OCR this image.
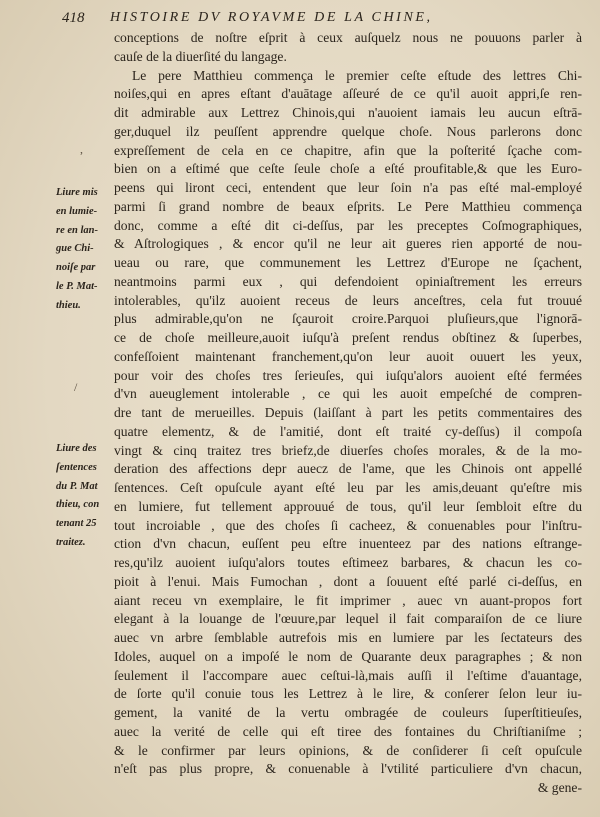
418 HISTOIRE DV ROYAVME DE LA CHINE,
,
/
Liure mis
en lumie-
re en lan-
gue Chi-
noiſe par
le P. Mat-
thieu.
Liure des
ſentences
du P. Mat
thieu, con
tenant 25
traitez.
conceptions de noſtre eſprit à ceux auſquelz nous ne pouuons parler à
cauſe de la diuerſité du langage.
Le pere Matthieu commença le premier ceſte eſtude des lettres Chi-
noiſes,qui en apres eſtant d'auātage aſſeuré de ce qu'il auoit appri,ſe ren-
dit admirable aux Lettrez Chinois,qui n'auoient iamais leu aucun eſtrā-
ger,duquel ilz peuſſent apprendre quelque choſe. Nous parlerons donc
expreſſement de cela en ce chapitre, afin que la poſterité ſçache com-
bien on a eſtimé que ceſte ſeule choſe a eſté proufitable,& que les Euro-
peens qui liront ceci, entendent que leur ſoin n'a pas eſté mal-employé
parmi ſi grand nombre de beaux eſprits. Le Pere Matthieu commença
donc, comme a eſté dit ci-deſſus, par les preceptes Coſmographiques,
& Aſtrologiques , & encor qu'il ne leur ait gueres rien apporté de nou-
ueau ou rare, que communement les Lettrez d'Europe ne ſçachent,
neantmoins parmi eux , qui defendoient opiniaſtrement les erreurs
intolerables, qu'ilz auoient receus de leurs anceſtres, cela fut trouué
plus admirable,qu'on ne ſçauroit croire.Parquoi pluſieurs,que l'ignorā-
ce de choſe meilleure,auoit iuſqu'à preſent rendus obſtinez & ſuperbes,
confeſſoient maintenant franchement,qu'on leur auoit ouuert les yeux,
pour voir des choſes tres ſerieuſes, qui iuſqu'alors auoient eſté fermées
d'vn aueuglement intolerable , ce qui les auoit empeſché de compren-
dre tant de merueilles. Depuis (laiſſant à part les petits commentaires des
quatre elementz, & de l'amitié, dont eſt traité cy-deſſus) il compoſa
vingt & cinq traitez tres briefz,de diuerſes choſes morales, & de la mo-
deration des affections depr auecz de l'ame, que les Chinois ont appellé
ſentences. Ceſt opuſcule ayant eſté leu par les amis,deuant qu'eſtre mis
en lumiere, fut tellement approuué de tous, qu'il leur ſembloit eſtre du
tout incroiable , que des choſes ſi cacheez, & conuenables pour l'inſtru-
ction d'vn chacun, euſſent peu eſtre inuenteez par des nations eſtrange-
res,qu'ilz auoient iuſqu'alors toutes eſtimeez barbares, & chacun les co-
pioit à l'enui. Mais Fumochan , dont a ſouuent eſté parlé ci-deſſus, en
aiant receu vn exemplaire, le fit imprimer , auec vn auant-propos fort
elegant à la louange de l'œuure,par lequel il fait comparaiſon de ce liure
auec vn arbre ſemblable autrefois mis en lumiere par les ſectateurs des
Idoles, auquel on a impoſé le nom de Quarante deux paragraphes ; & non
ſeulement il l'accompare auec ceſtui-là,mais auſſi il l'eſtime d'auantage,
de ſorte qu'il conuie tous les Lettrez à le lire, & conſerer ſelon leur iu-
gement, la vanité de la vertu ombragée de couleurs ſuperſtitieuſes,
auec la verité de celle qui eſt tiree des fontaines du Chriſtianiſme ;
& le confirmer par leurs opinions, & de conſiderer ſi ceſt opuſcule
n'eſt pas plus propre, & conuenable à l'vtilité particuliere d'vn chacun,
& gene-
